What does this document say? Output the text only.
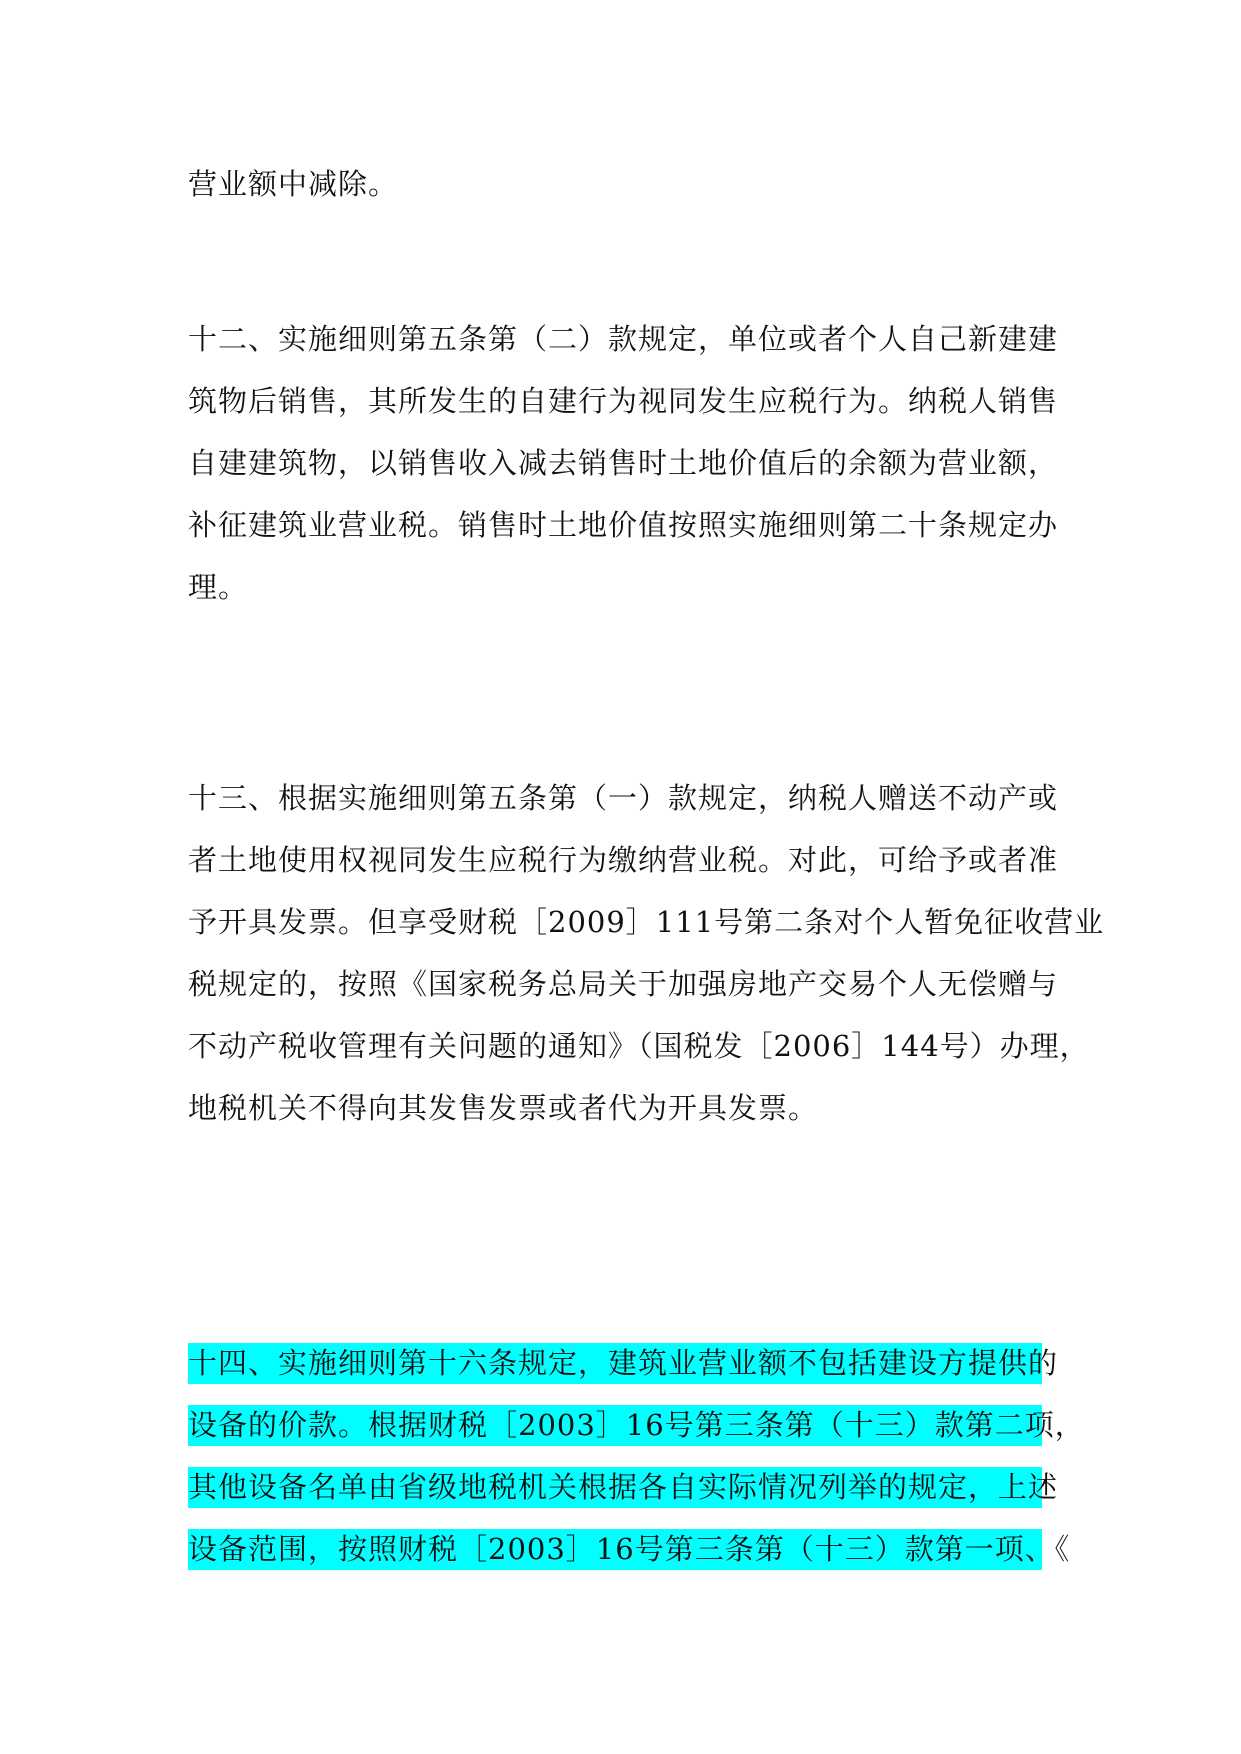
营业额中减除。
十二、实施细则第五条第（二）款规定，单位或者个人自己新建建
筑物后销售，其所发生的自建行为视同发生应税行为。纳税人销售
自建建筑物，以销售收入减去销售时土地价值后的余额为营业额，
补征建筑业营业税。销售时土地价值按照实施细则第二十条规定办
理。
十三、根据实施细则第五条第（一）款规定，纳税人赠送不动产或
者土地使用权视同发生应税行为缴纳营业税。对此，可给予或者准
予开具发票。但享受财税［2009］111号第二条对个人暂免征收营业
税规定的，按照《国家税务总局关于加强房地产交易个人无偿赠与
不动产税收管理有关问题的通知》（国税发［2006］144号）办理，
地税机关不得向其发售发票或者代为开具发票。
十四、实施细则第十六条规定，建筑业营业额不包括建设方提供的
设备的价款。根据财税［2003］16号第三条第（十三）款第二项，
其他设备名单由省级地税机关根据各自实际情况列举的规定，上述
设备范围，按照财税［2003］16号第三条第（十三）款第一项、《
